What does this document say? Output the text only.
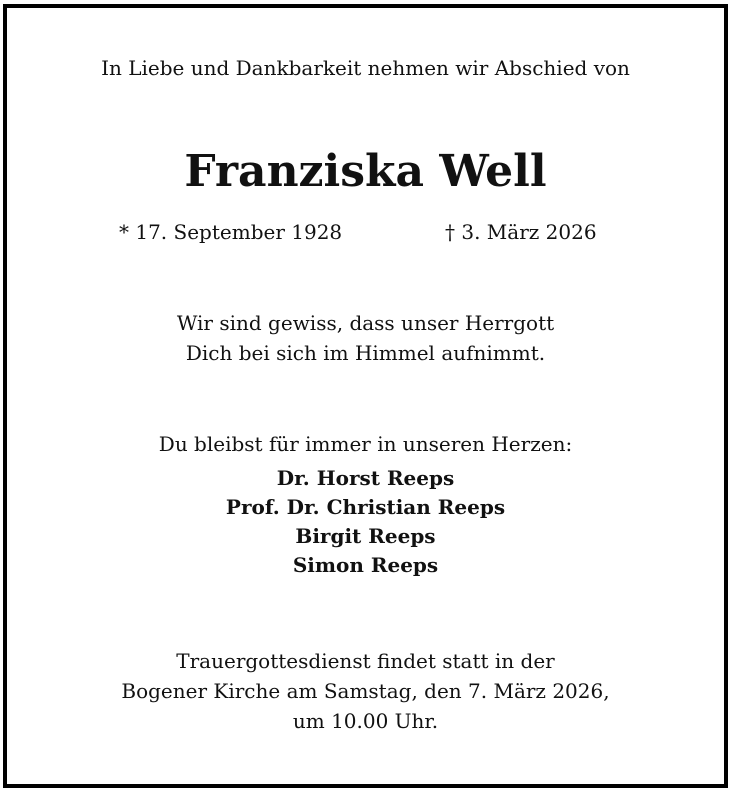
In Liebe und Dankbarkeit nehmen wir Abschied von
Franziska Well
* 17. September 1928	† 3. März 2026
Wir sind gewiss, dass unser Herrgott
Dich bei sich im Himmel aufnimmt.
Du bleibst für immer in unseren Herzen:
Dr. Horst Reeps
Prof. Dr. Christian Reeps
Birgit Reeps
Simon Reeps
Trauergottesdienst findet statt in der
Bogener Kirche am Samstag, den 7. März 2026,
um 10.00 Uhr.
